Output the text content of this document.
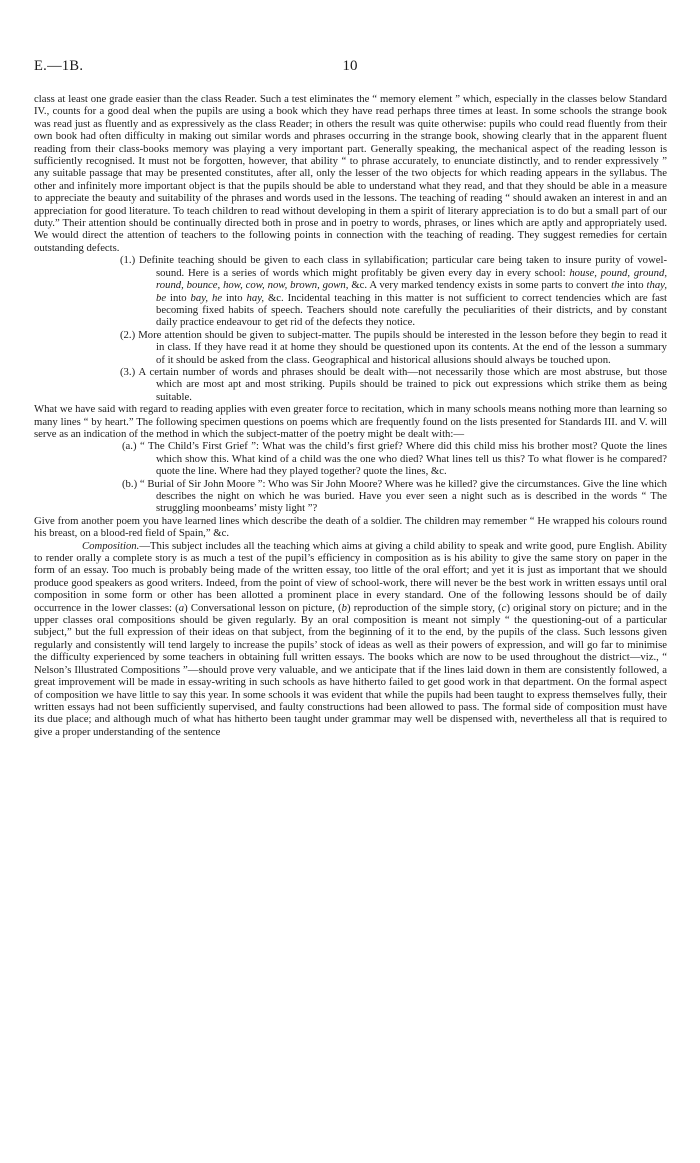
E.—1B.	10

class at least one grade easier than the class Reader. Such a test eliminates the “ memory element ” which, especially in the classes below Standard IV., counts for a good deal when the pupils are using a book which they have read perhaps three times at least. In some schools the strange book was read just as fluently and as expressively as the class Reader; in others the result was quite otherwise: pupils who could read fluently from their own book had often difficulty in making out similar words and phrases occurring in the strange book, showing clearly that in the apparent fluent reading from their class-books memory was playing a very important part. Generally speaking, the mechanical aspect of the reading lesson is sufficiently recognised. It must not be forgotten, however, that ability “ to phrase accurately, to enunciate distinctly, and to render expressively ” any suitable passage that may be presented constitutes, after all, only the lesser of the two objects for which reading appears in the syllabus. The other and infinitely more important object is that the pupils should be able to understand what they read, and that they should be able in a measure to appreciate the beauty and suitability of the phrases and words used in the lessons. The teaching of reading “ should awaken an interest in and an appreciation for good literature. To teach children to read without developing in them a spirit of literary appreciation is to do but a small part of our duty.” Their attention should be continually directed both in prose and in poetry to words, phrases, or lines which are aptly and appropriately used. We would direct the attention of teachers to the following points in connection with the teaching of reading. They suggest remedies for certain outstanding defects.

(1.) Definite teaching should be given to each class in syllabification; particular care being taken to insure purity of vowel-sound. Here is a series of words which might profitably be given every day in every school: house, pound, ground, round, bounce, how, cow, now, brown, gown, &c. A very marked tendency exists in some parts to convert the into thay, be into bay, he into hay, &c. Incidental teaching in this matter is not sufficient to correct tendencies which are fast becoming fixed habits of speech. Teachers should note carefully the peculiarities of their districts, and by constant daily practice endeavour to get rid of the defects they notice.

(2.) More attention should be given to subject-matter. The pupils should be interested in the lesson before they begin to read it in class. If they have read it at home they should be questioned upon its contents. At the end of the lesson a summary of it should be asked from the class. Geographical and historical allusions should always be touched upon.

(3.) A certain number of words and phrases should be dealt with—not necessarily those which are most abstruse, but those which are most apt and most striking. Pupils should be trained to pick out expressions which strike them as being suitable.

What we have said with regard to reading applies with even greater force to recitation, which in many schools means nothing more than learning so many lines “ by heart.” The following specimen questions on poems which are frequently found on the lists presented for Standards III. and V. will serve as an indication of the method in which the subject-matter of the poetry might be dealt with:—

(a.) “ The Child’s First Grief ”: What was the child’s first grief? Where did this child miss his brother most? Quote the lines which show this. What kind of a child was the one who died? What lines tell us this? To what flower is he compared? quote the line. Where had they played together? quote the lines, &c.

(b.) “ Burial of Sir John Moore ”: Who was Sir John Moore? Where was he killed? give the circumstances. Give the line which describes the night on which he was buried. Have you ever seen a night such as is described in the words “ The struggling moonbeams’ misty light ”?

Give from another poem you have learned lines which describe the death of a soldier. The children may remember “ He wrapped his colours round his breast, on a blood-red field of Spain,” &c.

Composition.—This subject includes all the teaching which aims at giving a child ability to speak and write good, pure English. Ability to render orally a complete story is as much a test of the pupil’s efficiency in composition as is his ability to give the same story on paper in the form of an essay. Too much is probably being made of the written essay, too little of the oral effort; and yet it is just as important that we should produce good speakers as good writers. Indeed, from the point of view of school-work, there will never be the best work in written essays until oral composition in some form or other has been allotted a prominent place in every standard. One of the following lessons should be of daily occurrence in the lower classes: (a) Conversational lesson on picture, (b) reproduction of the simple story, (c) original story on picture; and in the upper classes oral compositions should be given regularly. By an oral composition is meant not simply “ the questioning-out of a particular subject,” but the full expression of their ideas on that subject, from the beginning of it to the end, by the pupils of the class. Such lessons given regularly and consistently will tend largely to increase the pupils’ stock of ideas as well as their powers of expression, and will go far to minimise the difficulty experienced by some teachers in obtaining full written essays. The books which are now to be used throughout the district—viz., “ Nelson’s Illustrated Compositions ”—should prove very valuable, and we anticipate that if the lines laid down in them are consistently followed, a great improvement will be made in essay-writing in such schools as have hitherto failed to get good work in that department. On the formal aspect of composition we have little to say this year. In some schools it was evident that while the pupils had been taught to express themselves fully, their written essays had not been sufficiently supervised, and faulty constructions had been allowed to pass. The formal side of composition must have its due place; and although much of what has hitherto been taught under grammar may well be dispensed with, nevertheless all that is required to give a proper understanding of the sentence
